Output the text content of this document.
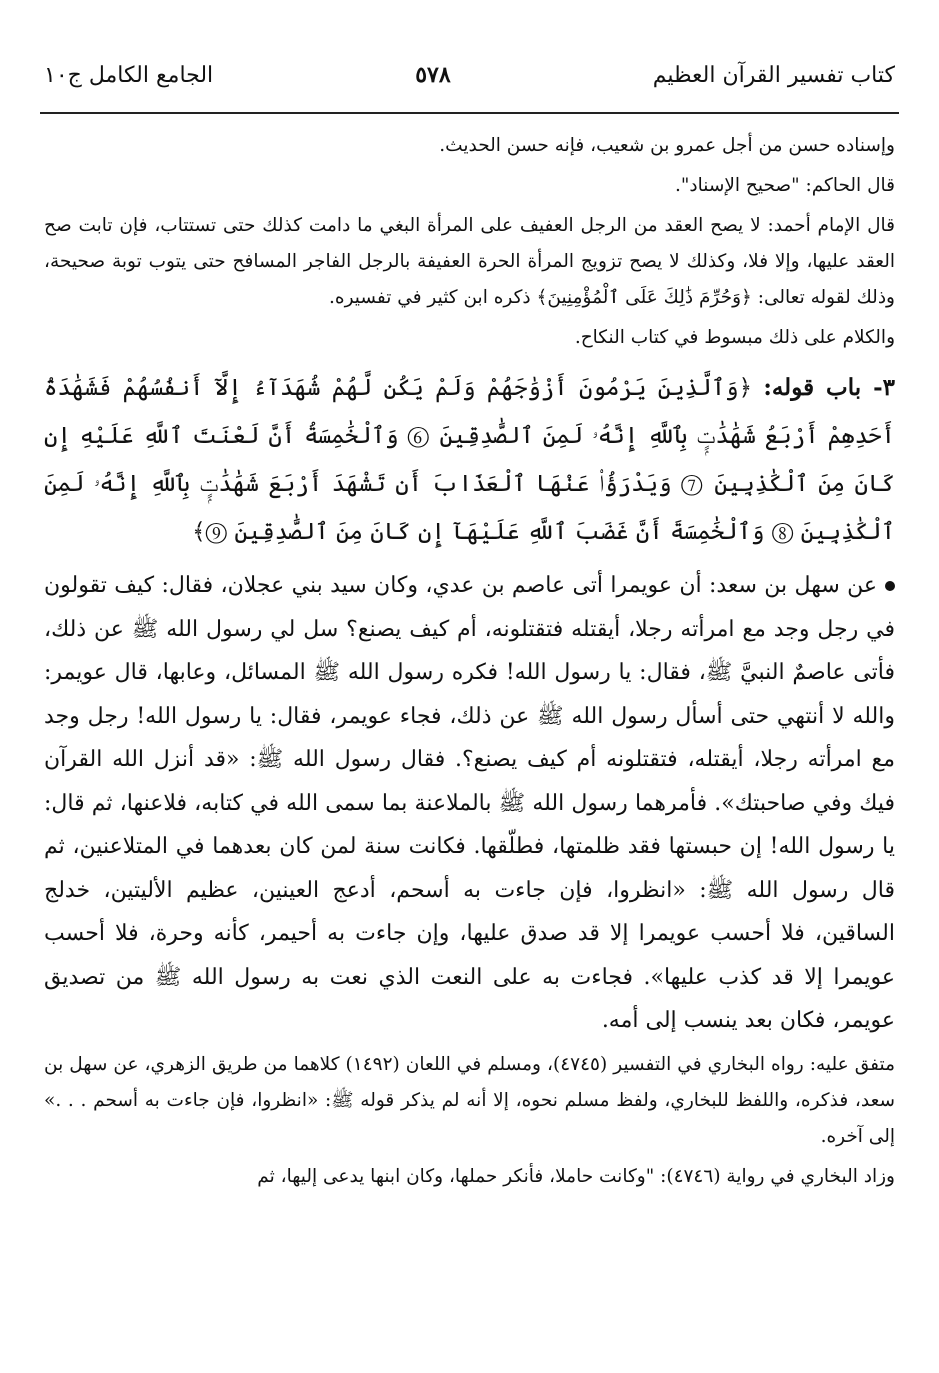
كتاب تفسير القرآن العظيم
٥٧٨
الجامع الكامل ج١٠

وإسناده حسن من أجل عمرو بن شعيب، فإنه حسن الحديث.

قال الحاكم: "صحيح الإسناد".

قال الإمام أحمد: لا يصح العقد من الرجل العفيف على المرأة البغي ما دامت كذلك حتى تستتاب، فإن تابت صح العقد عليها، وإلا فلا، وكذلك لا يصح تزويج المرأة الحرة العفيفة بالرجل الفاجر المسافح حتى يتوب توبة صحيحة، وذلك لقوله تعالى: ﴿وَحُرِّمَ ذَٰلِكَ عَلَى ٱلْمُؤْمِنِينَ﴾ ذكره ابن كثير في تفسيره.

والكلام على ذلك مبسوط في كتاب النكاح.

٣- باب قوله: ﴿وَٱلَّذِينَ يَرْمُونَ أَزْوَٰجَهُمْ وَلَمْ يَكُن لَّهُمْ شُهَدَآءُ إِلَّآ أَنفُسُهُمْ فَشَهَٰدَةُ أَحَدِهِمْ أَرْبَعُ شَهَٰدَٰتٍۭ بِٱللَّهِ إِنَّهُۥ لَمِنَ ٱلصَّٰدِقِينَ ⑥ وَٱلْخَٰمِسَةُ أَنَّ لَعْنَتَ ٱللَّهِ عَلَيْهِ إِن كَانَ مِنَ ٱلْكَٰذِبِينَ ⑦ وَيَدْرَؤُا۟ عَنْهَا ٱلْعَذَابَ أَن تَشْهَدَ أَرْبَعَ شَهَٰدَٰتٍۭ بِٱللَّهِ إِنَّهُۥ لَمِنَ ٱلْكَٰذِبِينَ ⑧ وَٱلْخَٰمِسَةَ أَنَّ غَضَبَ ٱللَّهِ عَلَيْهَآ إِن كَانَ مِنَ ٱلصَّٰدِقِينَ ⑨﴾

عن سهل بن سعد: أن عويمرا أتى عاصم بن عدي، وكان سيد بني عجلان، فقال: كيف تقولون في رجل وجد مع امرأته رجلا، أيقتله فتقتلونه، أم كيف يصنع؟ سل لي رسول الله ﷺ عن ذلك، فأتى عاصمٌ النبيَّ ﷺ، فقال: يا رسول الله! فكره رسول الله ﷺ المسائل، وعابها، قال عويمر: والله لا أنتهي حتى أسأل رسول الله ﷺ عن ذلك، فجاء عويمر، فقال: يا رسول الله! رجل وجد مع امرأته رجلا، أيقتله، فتقتلونه أم كيف يصنع؟. فقال رسول الله ﷺ: «قد أنزل الله القرآن فيك وفي صاحبتك». فأمرهما رسول الله ﷺ بالملاعنة بما سمى الله في كتابه، فلاعنها، ثم قال: يا رسول الله! إن حبستها فقد ظلمتها، فطلّقها. فكانت سنة لمن كان بعدهما في المتلاعنين، ثم قال رسول الله ﷺ: «انظروا، فإن جاءت به أسحم، أدعج العينين، عظيم الأليتين، خدلج الساقين، فلا أحسب عويمرا إلا قد صدق عليها، وإن جاءت به أحيمر، كأنه وحرة، فلا أحسب عويمرا إلا قد كذب عليها». فجاءت به على النعت الذي نعت به رسول الله ﷺ من تصديق عويمر، فكان بعد ينسب إلى أمه.

متفق عليه: رواه البخاري في التفسير (٤٧٤٥)، ومسلم في اللعان (١٤٩٢) كلاهما من طريق الزهري، عن سهل بن سعد، فذكره، واللفظ للبخاري، ولفظ مسلم نحوه، إلا أنه لم يذكر قوله ﷺ: «انظروا، فإن جاءت به أسحم . . .» إلى آخره.

وزاد البخاري في رواية (٤٧٤٦): "وكانت حاملا، فأنكر حملها، وكان ابنها يدعى إليها، ثم
